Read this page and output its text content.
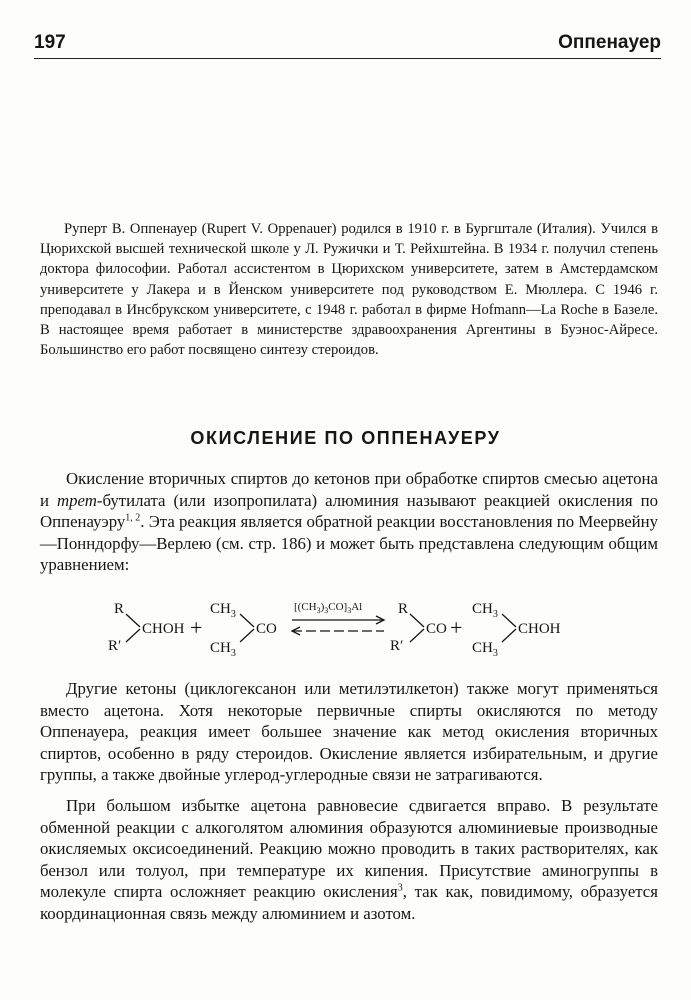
197	Оппенауер

Руперт В. Оппенауер (Rupert V. Oppenauer) родился в 1910 г. в Бургштале (Италия). Учился в Цюрихской высшей технической школе у Л. Ружички и Т. Рейхштейна. В 1934 г. получил степень доктора философии. Работал ассистентом в Цюрихском университете, затем в Амстердамском университете у Лакера и в Йенском университете под руководством Е. Мюллера. С 1946 г. преподавал в Инсбрукском университете, с 1948 г. работал в фирме Hofmann—La Roche в Базеле. В настоящее время работает в министерстве здравоохранения Аргентины в Буэнос-Айресе. Большинство его работ посвящено синтезу стероидов.

ОКИСЛЕНИЕ ПО ОППЕНАУЕРУ

Окисление вторичных спиртов до кетонов при обработке спиртов смесью ацетона и трет-бутилата (или изопропилата) алюминия называют реакцией окисления по Оппенауэру$^{1, 2}$. Эта реакция является обратной реакции восстановления по Меервейну—Понндорфу—Верлею (см. стр. 186) и может быть представлена следующим общим уравнением:

R
R′
CHOH +
$CH_3$
$CH_3$
CO
$[(CH_3)_3CO]_3Al$ R
R′
CO +
$CH_3$
$CH_3$
CHOH

Другие кетоны (циклогексанон или метилэтилкетон) также могут применяться вместо ацетона. Хотя некоторые первичные спирты окисляются по методу Оппенауера, реакция имеет большее значение как метод окисления вторичных спиртов, особенно в ряду стероидов. Окисление является избирательным, и другие группы, а также двойные углерод-углеродные связи не затрагиваются.

При большом избытке ацетона равновесие сдвигается вправо. В результате обменной реакции с алкоголятом алюминия образуются алюминиевые производные окисляемых оксисоединений. Реакцию можно проводить в таких растворителях, как бензол или толуол, при температуре их кипения. Присутствие аминогруппы в молекуле спирта осложняет реакцию окисления$^3$, так как, повидимому, образуется координационная связь между алюминием и азотом.
